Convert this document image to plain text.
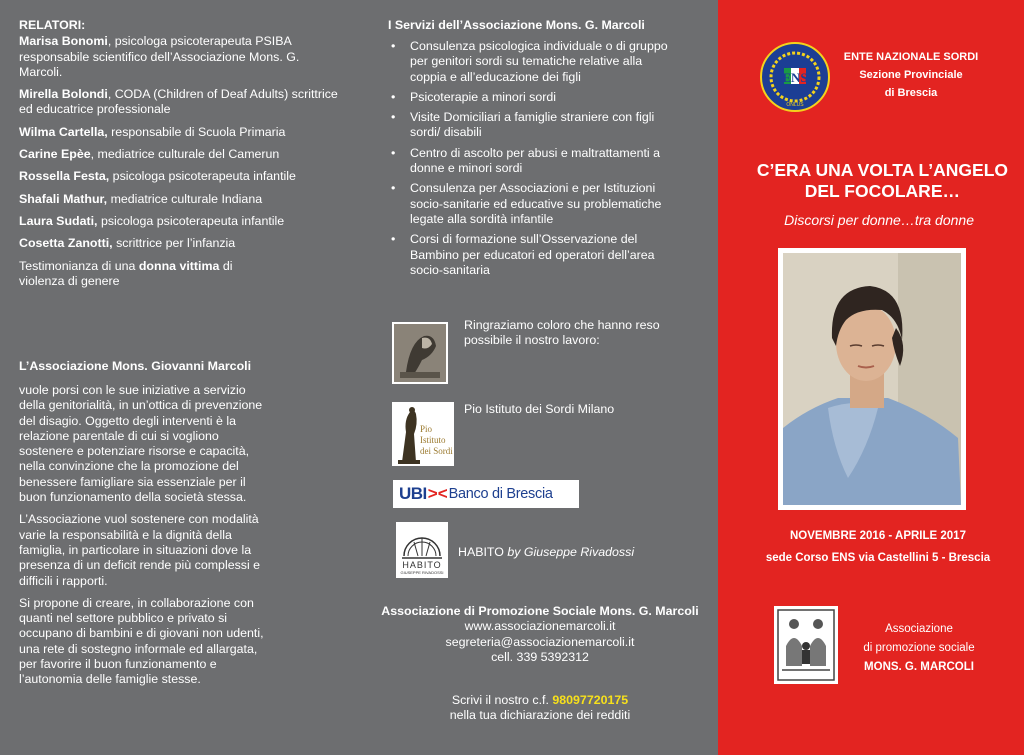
RELATORI:

Marisa Bonomi, psicologa psicoterapeuta PSIBA responsabile scientifico dell’Associazione Mons. G. Marcoli.

Mirella Bolondi, CODA (Children of Deaf Adults) scrittrice ed educatrice professionale

Wilma Cartella, responsabile di Scuola Primaria

Carine Epèe, mediatrice culturale del Camerun

Rossella Festa, psicologa psicoterapeuta infantile

Shafali Mathur, mediatrice culturale Indiana

Laura Sudati, psicologa psicoterapeuta infantile

Cosetta Zanotti, scrittrice per l’infanzia

Testimonianza di una donna vittima di violenza di genere

L’Associazione Mons. Giovanni Marcoli

vuole porsi con le sue iniziative a servizio della genitorialità, in un’ottica di prevenzione del disagio. Oggetto degli interventi è la relazione parentale di cui si vogliono sostenere e potenziare risorse e capacità, nella convinzione che la promozione del benessere famigliare sia essenziale per il buon funzionamento della società stessa.

L’Associazione vuol sostenere con modalità varie la responsabilità e la dignità della famiglia, in particolare in situazioni dove la presenza di un deficit rende più complessi e difficili i rapporti.

Si propone di creare, in collaborazione con quanti nel settore pubblico e privato si occupano di bambini e di giovani non udenti, una rete di sostegno informale ed allargata, per favorire il buon funzionamento e l’autonomia delle famiglie stesse.

I Servizi dell’Associazione Mons. G. Marcoli

• Consulenza psicologica individuale o di gruppo per genitori sordi su tematiche relative alla coppia e all’educazione dei figli
• Psicoterapie a minori sordi
• Visite Domiciliari a famiglie straniere con figli sordi/ disabili
• Centro di ascolto per abusi e maltrattamenti a donne e minori sordi
• Consulenza per Associazioni e per Istituzioni socio-sanitarie ed educative su problematiche legate alla sordità infantile
• Corsi di formazione sull’Osservazione del Bambino per educatori ed operatori dell’area socio-sanitaria

Ringraziamo coloro che hanno reso possibile il nostro lavoro:

Pio Istituto dei Sordi

Pio Istituto dei Sordi Milano

UBI >< Banco di Brescia
HABITO
GIUSEPPE RIVADOSSI

HABITO by Giuseppe Rivadossi

Associazione di Promozione Sociale Mons. G. Marcoli

www.associazionemarcoli.it

segreteria@associazionemarcoli.it

cell. 339 5392312

Scrivi il nostro c.f. 98097720175

nella tua dichiarazione dei redditi

ENS
ONLUS

ENTE NAZIONALE SORDI

Sezione Provinciale

di Brescia

C’ERA UNA VOLTA L’ANGELO

DEL FOCOLARE…

Discorsi per donne…tra donne

NOVEMBRE 2016 - APRILE 2017

sede Corso ENS via Castellini 5 - Brescia

Associazione

di promozione sociale

MONS. G. MARCOLI
